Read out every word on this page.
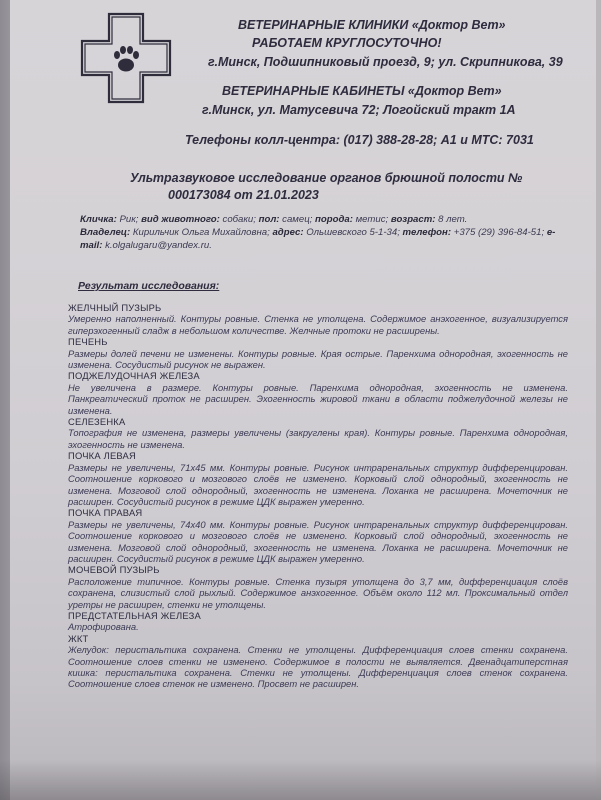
ВЕТЕРИНАРНЫЕ КЛИНИКИ «Доктор Вет»
РАБОТАЕМ КРУГЛОСУТОЧНО!
г.Минск, Подшипниковый проезд, 9; ул. Скрипникова, 39
ВЕТЕРИНАРНЫЕ КАБИНЕТЫ «Доктор Вет»
г.Минск, ул. Матусевича 72; Логойский тракт 1А
Телефоны колл-центра: (017) 388-28-28; А1 и МТС: 7031
Ультразвуковое исследование органов брюшной полости №
000173084 от 21.01.2023
Кличка: Рик; вид животного: собаки; пол: самец; порода: метис; возраст: 8 лет.
Владелец: Кирильчик Ольга Михайловна; адрес: Ольшевского 5-1-34; телефон: +375 (29) 396-84-51; e-mail: k.olgalugaru@yandex.ru.
Результат исследования:
ЖЕЛЧНЫЙ ПУЗЫРЬ
Умеренно наполненный. Контуры ровные. Стенка не утолщена. Содержимое анэхогенное, визуализируется гиперэхогенный сладж в небольшом количестве. Желчные протоки не расширены.
ПЕЧЕНЬ
Размеры долей печени не изменены. Контуры ровные. Края острые. Паренхима однородная, эхогенность не изменена. Сосудистый рисунок не выражен.
ПОДЖЕЛУДОЧНАЯ ЖЕЛЕЗА
Не увеличена в размере. Контуры ровные. Паренхима однородная, эхогенность не изменена. Панкреатический проток не расширен. Эхогенность жировой ткани в области поджелудочной железы не изменена.
СЕЛЕЗЕНКА
Топография не изменена, размеры увеличены (закруглены края). Контуры ровные. Паренхима однородная, эхогенность не изменена.
ПОЧКА ЛЕВАЯ
Размеры не увеличены, 71х45 мм. Контуры ровные. Рисунок интраренальных структур дифференцирован. Соотношение коркового и мозгового слоёв не изменено. Корковый слой однородный, эхогенность не изменена. Мозговой слой однородный, эхогенность не изменена. Лоханка не расширена. Мочеточник не расширен. Сосудистый рисунок в режиме ЦДК выражен умеренно.
ПОЧКА ПРАВАЯ
Размеры не увеличены, 74х40 мм. Контуры ровные. Рисунок интраренальных структур дифференцирован. Соотношение коркового и мозгового слоёв не изменено. Корковый слой однородный, эхогенность не изменена. Мозговой слой однородный, эхогенность не изменена. Лоханка не расширена. Мочеточник не расширен. Сосудистый рисунок в режиме ЦДК выражен умеренно.
МОЧЕВОЙ ПУЗЫРЬ
Расположение типичное. Контуры ровные. Стенка пузыря утолщена до 3,7 мм, дифференциация слоёв сохранена, слизистый слой рыхлый. Содержимое анэхогенное. Объём около 112 мл. Проксимальный отдел уретры не расширен, стенки не утолщены.
ПРЕДСТАТЕЛЬНАЯ ЖЕЛЕЗА
Атрофирована.
ЖКТ
Желудок: перистальтика сохранена. Стенки не утолщены. Дифференциация слоев стенки сохранена. Соотношение слоев стенки не изменено. Содержимое в полости не выявляется. Двенадцатиперстная кишка: перистальтика сохранена. Стенки не утолщены. Дифференциация слоев стенок сохранена. Соотношение слоев стенок не изменено. Просвет не расширен.
